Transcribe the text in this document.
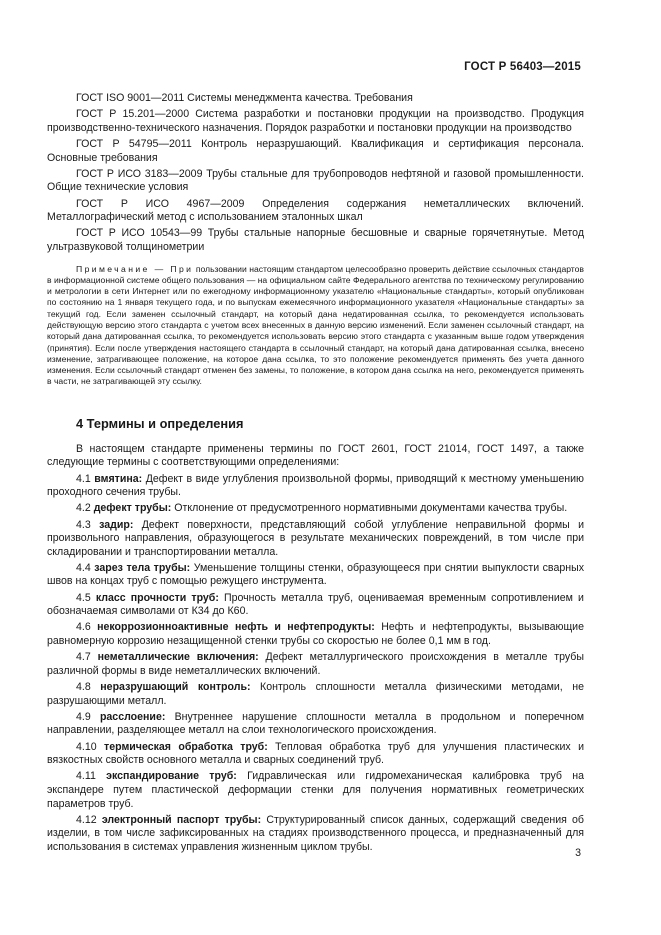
ГОСТ Р 56403—2015

ГОСТ ISO 9001—2011 Системы менеджмента качества. Требования

ГОСТ Р 15.201—2000 Система разработки и постановки продукции на производство. Продукция производственно-технического назначения. Порядок разработки и постановки продукции на производство

ГОСТ Р 54795—2011 Контроль неразрушающий. Квалификация и сертификация персонала. Основные требования

ГОСТ Р ИСО 3183—2009 Трубы стальные для трубопроводов нефтяной и газовой промышленности. Общие технические условия

ГОСТ Р ИСО 4967—2009 Определения содержания неметаллических включений. Металлографический метод с использованием эталонных шкал

ГОСТ Р ИСО 10543—99 Трубы стальные напорные бесшовные и сварные горячетянутые. Метод ультразвуковой толщинометрии

Примечание — При пользовании настоящим стандартом целесообразно проверить действие ссылочных стандартов в информационной системе общего пользования — на официальном сайте Федерального агентства по техническому регулированию и метрологии в сети Интернет или по ежегодному информационному указателю «Национальные стандарты», который опубликован по состоянию на 1 января текущего года, и по выпускам ежемесячного информационного указателя «Национальные стандарты» за текущий год. Если заменен ссылочный стандарт, на который дана недатированная ссылка, то рекомендуется использовать действующую версию этого стандарта с учетом всех внесенных в данную версию изменений. Если заменен ссылочный стандарт, на который дана датированная ссылка, то рекомендуется использовать версию этого стандарта с указанным выше годом утверждения (принятия). Если после утверждения настоящего стандарта в ссылочный стандарт, на который дана датированная ссылка, внесено изменение, затрагивающее положение, на которое дана ссылка, то это положение рекомендуется применять без учета данного изменения. Если ссылочный стандарт отменен без замены, то положение, в котором дана ссылка на него, рекомендуется применять в части, не затрагивающей эту ссылку.

4 Термины и определения

В настоящем стандарте применены термины по ГОСТ 2601, ГОСТ 21014, ГОСТ 1497, а также следующие термины с соответствующими определениями:

4.1 вмятина: Дефект в виде углубления произвольной формы, приводящий к местному уменьшению проходного сечения трубы.

4.2 дефект трубы: Отклонение от предусмотренного нормативными документами качества трубы.

4.3 задир: Дефект поверхности, представляющий собой углубление неправильной формы и произвольного направления, образующегося в результате механических повреждений, в том числе при складировании и транспортировании металла.

4.4 зарез тела трубы: Уменьшение толщины стенки, образующееся при снятии выпуклости сварных швов на концах труб с помощью режущего инструмента.

4.5 класс прочности труб: Прочность металла труб, оцениваемая временным сопротивлением и обозначаемая символами от К34 до К60.

4.6 некоррозионноактивные нефть и нефтепродукты: Нефть и нефтепродукты, вызывающие равномерную коррозию незащищенной стенки трубы со скоростью не более 0,1 мм в год.

4.7 неметаллические включения: Дефект металлургического происхождения в металле трубы различной формы в виде неметаллических включений.

4.8 неразрушающий контроль: Контроль сплошности металла физическими методами, не разрушающими металл.

4.9 расслоение: Внутреннее нарушение сплошности металла в продольном и поперечном направлении, разделяющее металл на слои технологического происхождения.

4.10 термическая обработка труб: Тепловая обработка труб для улучшения пластических и вязкостных свойств основного металла и сварных соединений труб.

4.11 экспандирование труб: Гидравлическая или гидромеханическая калибровка труб на экспандере путем пластической деформации стенки для получения нормативных геометрических параметров труб.

4.12 электронный паспорт трубы: Структурированный список данных, содержащий сведения об изделии, в том числе зафиксированных на стадиях производственного процесса, и предназначенный для использования в системах управления жизненным циклом трубы.

3
